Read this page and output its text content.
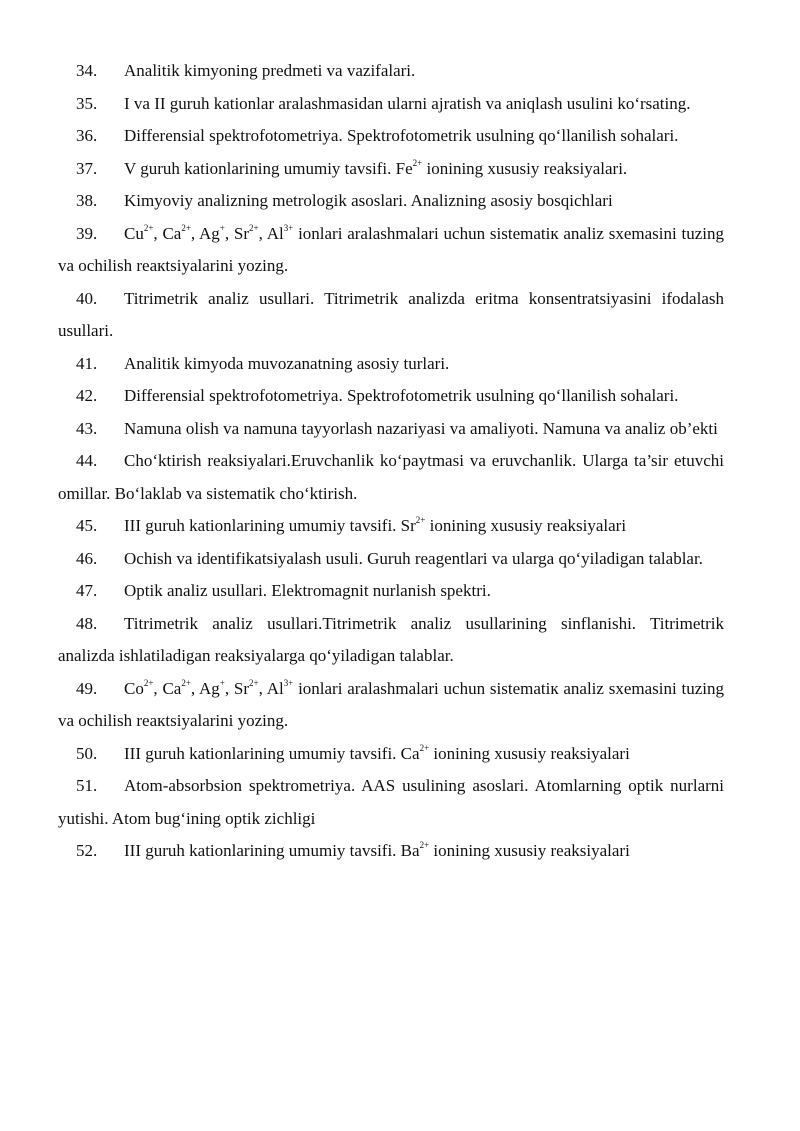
34. Analitik kimyoning predmeti va vazifalari.

35. I va II guruh kationlar aralashmasidan ularni ajratish va aniqlash usulini ko‘rsating.

36. Differensial spektrofotometriya. Spektrofotometrik usulning qo‘llanilish sohalari.

37. V guruh kationlarining umumiy tavsifi. $Fe^{2+}$ ionining xususiy reaksiyalari.

38. Kimyoviy analizning metrologik asoslari. Analizning asosiy bosqichlari

39. $Cu^{2+}$, $Ca^{2+}$, Ag+, $Sr^{2+}$, $Al^{3+}$ ionlari aralashmalari uchun sistematiк analiz sxemasini tuzing va ochilish reaкtsiyalarini yozing.

40. Titrimetrik analiz usullari. Titrimetrik analizda eritma konsentratsiyasini ifodalash usullari.

41. Analitik kimyoda muvozanatning asosiy turlari.

42. Differensial spektrofotometriya. Spektrofotometrik usulning qo‘llanilish sohalari.

43. Namuna olish va namuna tayyorlash nazariyasi va amaliyoti. Namuna va analiz ob’ekti

44. Cho‘ktirish reaksiyalari.Eruvchanlik ko‘paytmasi va eruvchanlik. Ularga ta’sir etuvchi omillar. Bo‘laklab va sistematik cho‘ktirish.

45. III guruh kationlarining umumiy tavsifi. $Sr^{2+}$ ionining xususiy reaksiyalari

46. Ochish va identifikatsiyalash usuli. Guruh reagentlari va ularga qo‘yiladigan talablar.

47. Optik analiz usullari. Elektromagnit nurlanish spektri.

48. Titrimetrik analiz usullari.Titrimetrik analiz usullarining sinflanishi. Titrimetrik analizda ishlatiladigan reaksiyalarga qo‘yiladigan talablar.

49. $Co^{2+}$, $Ca^{2+}$, Ag+, $Sr^{2+}$, $Al^{3+}$ ionlari aralashmalari uchun sistematiк analiz sxemasini tuzing va ochilish reaкtsiyalarini yozing.

50. III guruh kationlarining umumiy tavsifi. $Ca^{2+}$ ionining xususiy reaksiyalari

51. Atom-absorbsion spektrometriya. AAS usulining asoslari. Atomlarning optik nurlarni yutishi. Atom bug‘ining optik zichligi

52. III guruh kationlarining umumiy tavsifi. $Ba^{2+}$ ionining xususiy reaksiyalari
